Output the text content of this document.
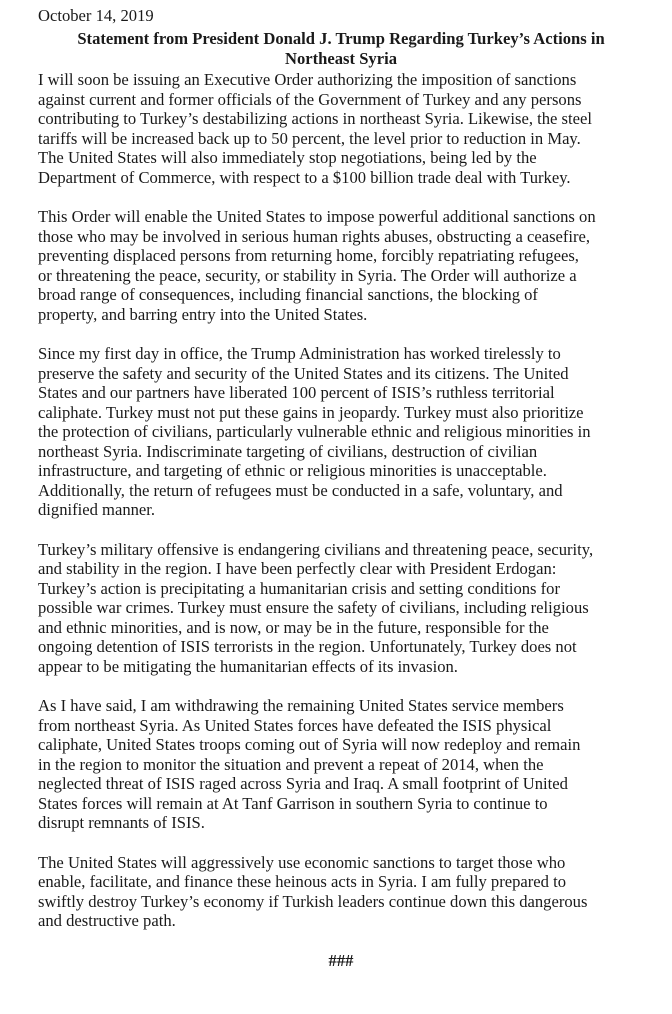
October 14, 2019
Statement from President Donald J. Trump Regarding Turkey’s Actions in
Northeast Syria

I will soon be issuing an Executive Order authorizing the imposition of sanctions
against current and former officials of the Government of Turkey and any persons
contributing to Turkey’s destabilizing actions in northeast Syria. Likewise, the steel
tariffs will be increased back up to 50 percent, the level prior to reduction in May.
The United States will also immediately stop negotiations, being led by the
Department of Commerce, with respect to a $100 billion trade deal with Turkey.

This Order will enable the United States to impose powerful additional sanctions on
those who may be involved in serious human rights abuses, obstructing a ceasefire,
preventing displaced persons from returning home, forcibly repatriating refugees,
or threatening the peace, security, or stability in Syria. The Order will authorize a
broad range of consequences, including financial sanctions, the blocking of
property, and barring entry into the United States.

Since my first day in office, the Trump Administration has worked tirelessly to
preserve the safety and security of the United States and its citizens. The United
States and our partners have liberated 100 percent of ISIS’s ruthless territorial
caliphate. Turkey must not put these gains in jeopardy. Turkey must also prioritize
the protection of civilians, particularly vulnerable ethnic and religious minorities in
northeast Syria. Indiscriminate targeting of civilians, destruction of civilian
infrastructure, and targeting of ethnic or religious minorities is unacceptable.
Additionally, the return of refugees must be conducted in a safe, voluntary, and
dignified manner.

Turkey’s military offensive is endangering civilians and threatening peace, security,
and stability in the region. I have been perfectly clear with President Erdogan:
Turkey’s action is precipitating a humanitarian crisis and setting conditions for
possible war crimes. Turkey must ensure the safety of civilians, including religious
and ethnic minorities, and is now, or may be in the future, responsible for the
ongoing detention of ISIS terrorists in the region. Unfortunately, Turkey does not
appear to be mitigating the humanitarian effects of its invasion.

As I have said, I am withdrawing the remaining United States service members
from northeast Syria. As United States forces have defeated the ISIS physical
caliphate, United States troops coming out of Syria will now redeploy and remain
in the region to monitor the situation and prevent a repeat of 2014, when the
neglected threat of ISIS raged across Syria and Iraq. A small footprint of United
States forces will remain at At Tanf Garrison in southern Syria to continue to
disrupt remnants of ISIS.

The United States will aggressively use economic sanctions to target those who
enable, facilitate, and finance these heinous acts in Syria. I am fully prepared to
swiftly destroy Turkey’s economy if Turkish leaders continue down this dangerous
and destructive path.

###
